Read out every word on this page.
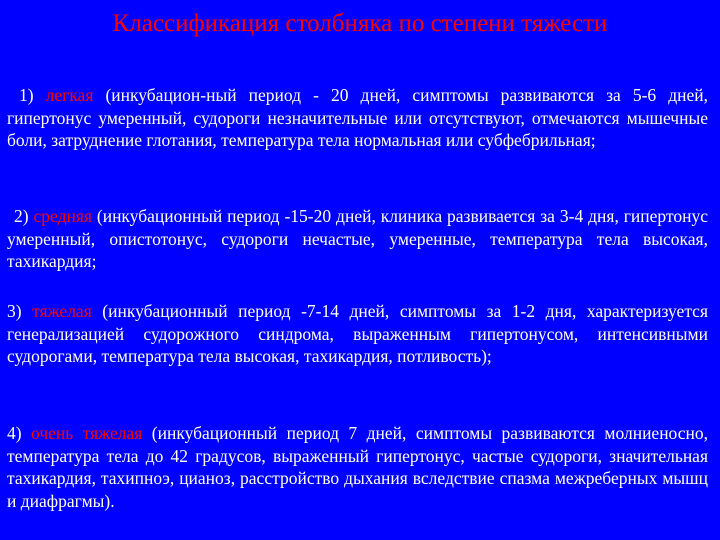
Классификация столбняка по степени тяжести
1) легкая (инкубацион-ный период - 20 дней, симптомы развиваются за 5-6 дней, гипертонус умеренный, судороги незначительные или отсутствуют, отмечаются мышечные боли, затруднение глотания, температура тела нормальная или субфебрильная;
2) средняя (инкубационный период -15-20 дней, клиника развивается за 3-4 дня, гипертонус умеренный, опистотонус, судороги нечастые, умеренные, температура тела высокая, тахикардия;
3) тяжелая (инкубационный период -7-14 дней, симптомы за 1-2 дня, характеризуется генерализацией судорожного синдрома, выраженным гипертонусом, интенсивными судорогами, температура тела высокая, тахикардия, потливость);
4) очень тяжелая (инкубационный период 7 дней, симптомы развиваются молниеносно, температура тела до 42 градусов, выраженный гипертонус, частые судороги, значительная тахикардия, тахипноэ, цианоз, расстройство дыхания вследствие спазма межреберных мышц и диафрагмы).
